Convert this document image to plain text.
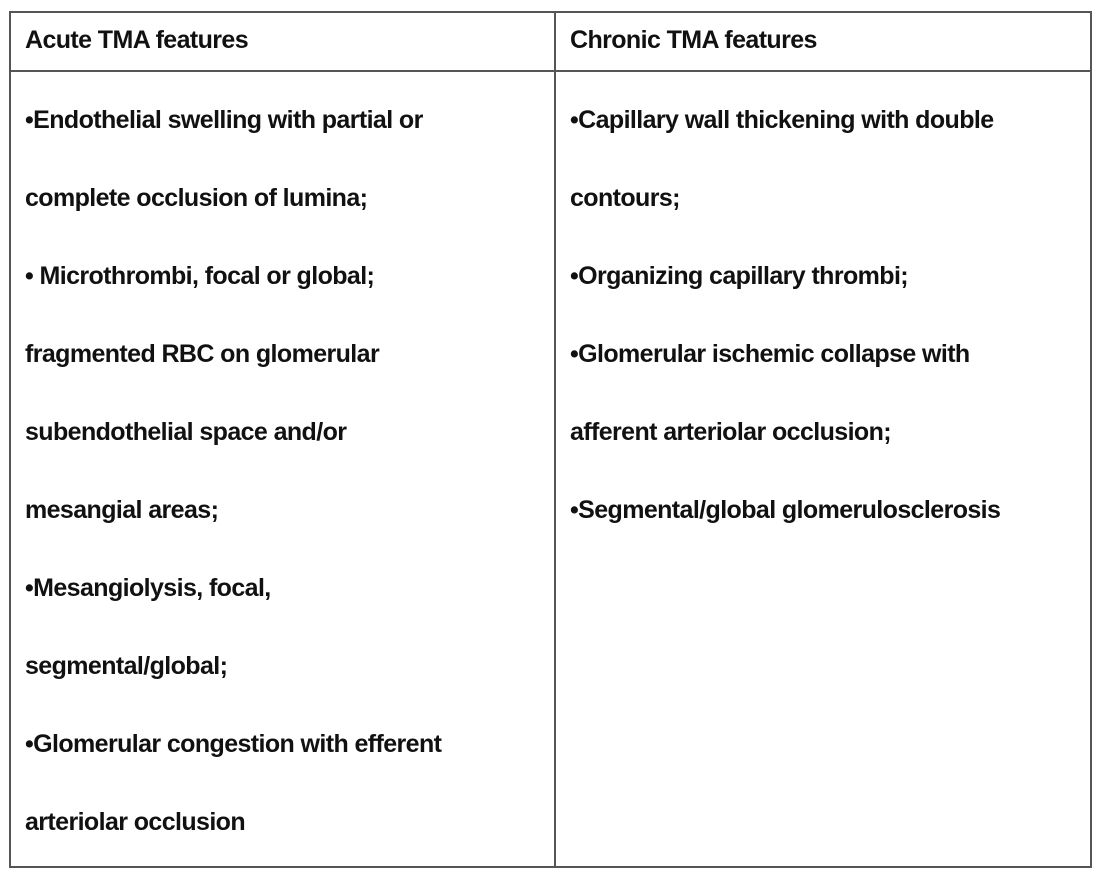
Acute TMA features	Chronic TMA features
•Endothelial swelling with partial or
complete occlusion of lumina;
• Microthrombi, focal or global;
fragmented RBC on glomerular
subendothelial space and/or
mesangial areas;
•Mesangiolysis, focal,
segmental/global;
•Glomerular congestion with efferent
arteriolar occlusion
•Capillary wall thickening with double
contours;
•Organizing capillary thrombi;
•Glomerular ischemic collapse with
afferent arteriolar occlusion;
•Segmental/global glomerulosclerosis
